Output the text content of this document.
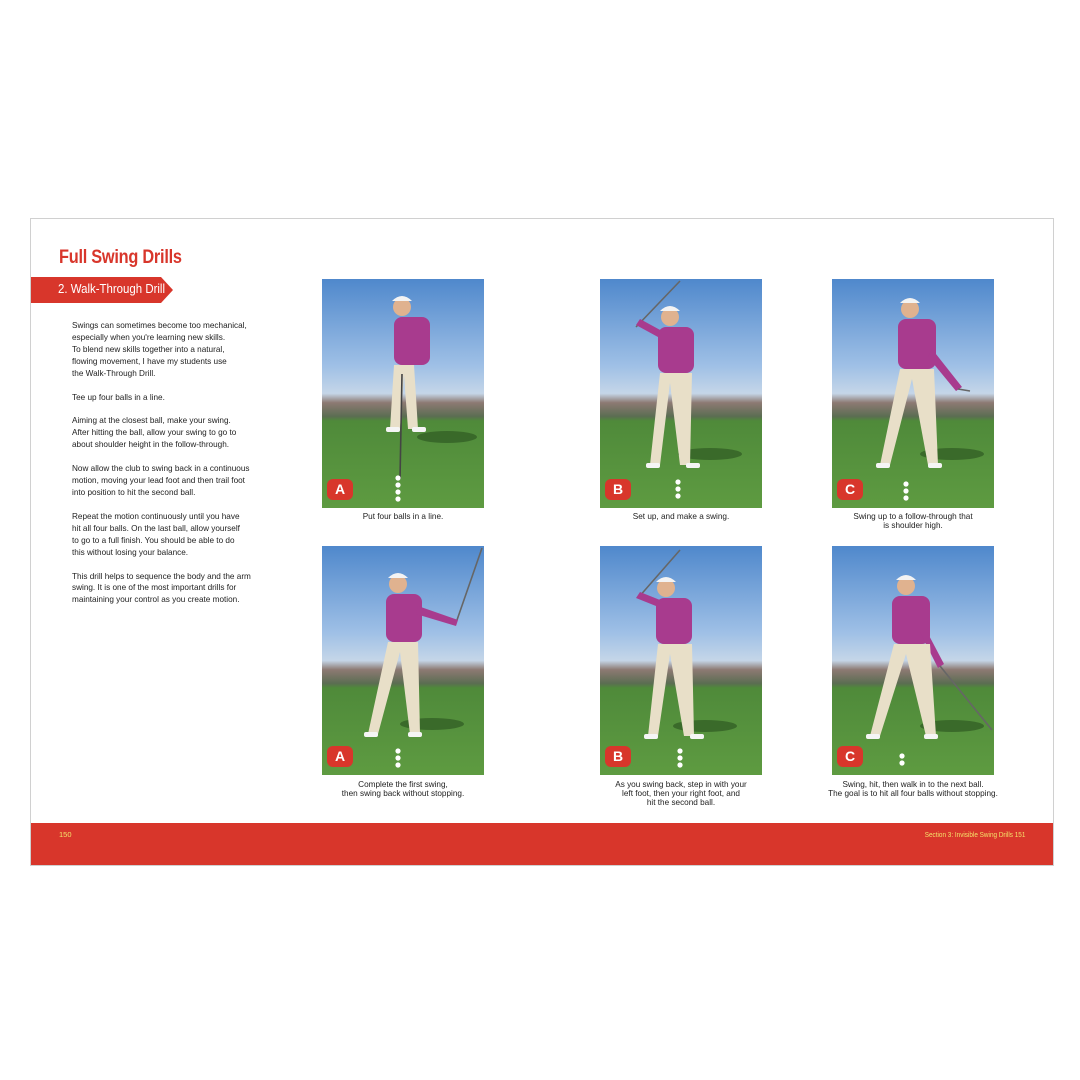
Full Swing Drills
2. Walk-Through Drill

Swings can sometimes become too mechanical,
especially when you're learning new skills.
To blend new skills together into a natural,
flowing movement, I have my students use
the Walk-Through Drill.

Tee up four balls in a line.

Aiming at the closest ball, make your swing.
After hitting the ball, allow your swing to go to
about shoulder height in the follow-through.

Now allow the club to swing back in a continuous
motion, moving your lead foot and then trail foot
into position to hit the second ball.

Repeat the motion continuously until you have
hit all four balls. On the last ball, allow yourself
to go to a full finish. You should be able to do
this without losing your balance.

This drill helps to sequence the body and the arm
swing. It is one of the most important drills for
maintaining your control as you create motion.

A
Put four balls in a line.
B
Set up, and make a swing.
C
Swing up to a follow-through that
is shoulder high.
A
Complete the first swing,
then swing back without stopping.
B
As you swing back, step in with your
left foot, then your right foot, and
hit the second ball.
C
Swing, hit, then walk in to the next ball.
The goal is to hit all four balls without stopping.
150	Section 3: Invisible Swing Drills 151
